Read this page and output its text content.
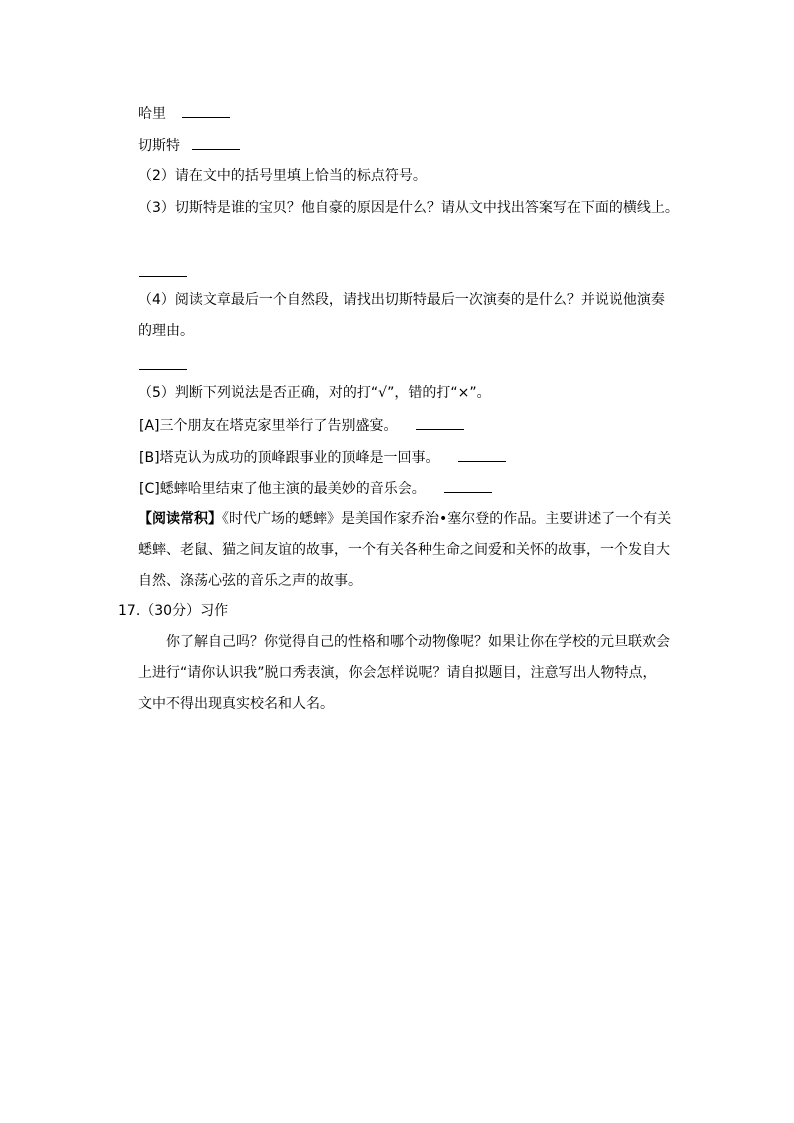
哈里
切斯特
（2）请在文中的括号里填上恰当的标点符号。
（3）切斯特是谁的宝贝？他自豪的原因是什么？请从文中找出答案写在下面的横线上。
（4）阅读文章最后一个自然段，请找出切斯特最后一次演奏的是什么？并说说他演奏
的理由。
（5）判断下列说法是否正确，对的打“√”，错的打“×”。
[A]三个朋友在塔克家里举行了告别盛宴。
[B]塔克认为成功的顶峰跟事业的顶峰是一回事。
[C]蟋蟀哈里结束了他主演的最美妙的音乐会。
【阅读常积】《时代广场的蟋蟀》是美国作家乔治•塞尔登的作品。主要讲述了一个有关
蟋蟀、老鼠、猫之间友谊的故事，一个有关各种生命之间爱和关怀的故事，一个发自大
自然、涤荡心弦的音乐之声的故事。
17.（30分）习作
你了解自己吗？你觉得自己的性格和哪个动物像呢？如果让你在学校的元旦联欢会
上进行“请你认识我”脱口秀表演，你会怎样说呢？请自拟题目，注意写出人物特点，
文中不得出现真实校名和人名。
